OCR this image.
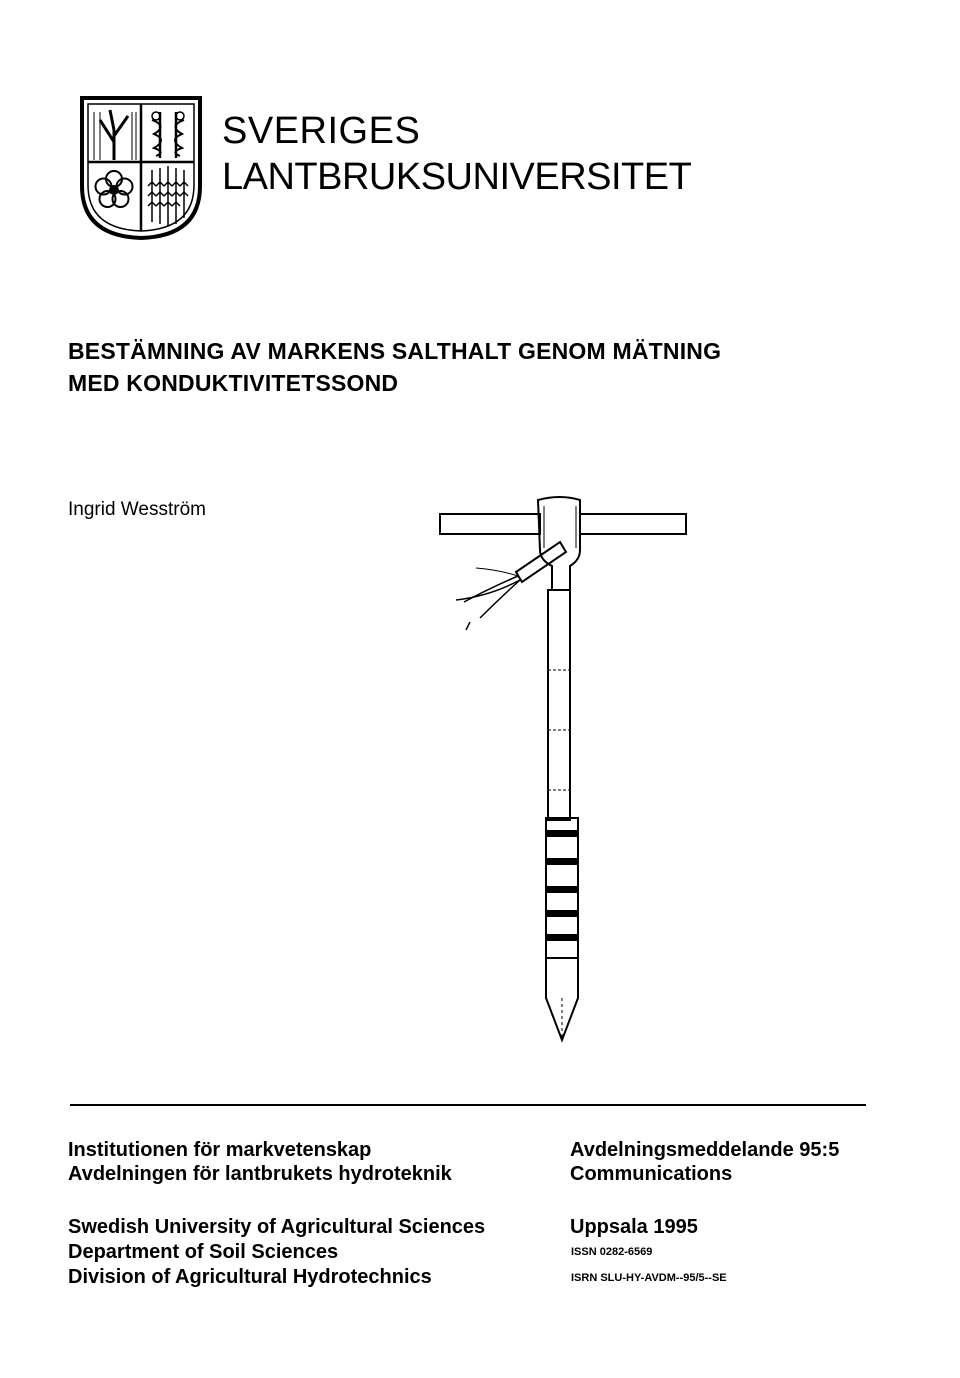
SVERIGES
LANTBRUKSUNIVERSITET
BESTÄMNING AV MARKENS SALTHALT GENOM MÄTNING
MED KONDUKTIVITETSSOND
Ingrid Wesström
Institutionen för markvetenskap
Avdelningen för lantbrukets hydroteknik
Swedish University of Agricultural Sciences
Department of Soil Sciences
Division of Agricultural Hydrotechnics
Avdelningsmeddelande 95:5
Communications
Uppsala 1995
ISSN 0282-6569
ISRN SLU-HY-AVDM--95/5--SE
